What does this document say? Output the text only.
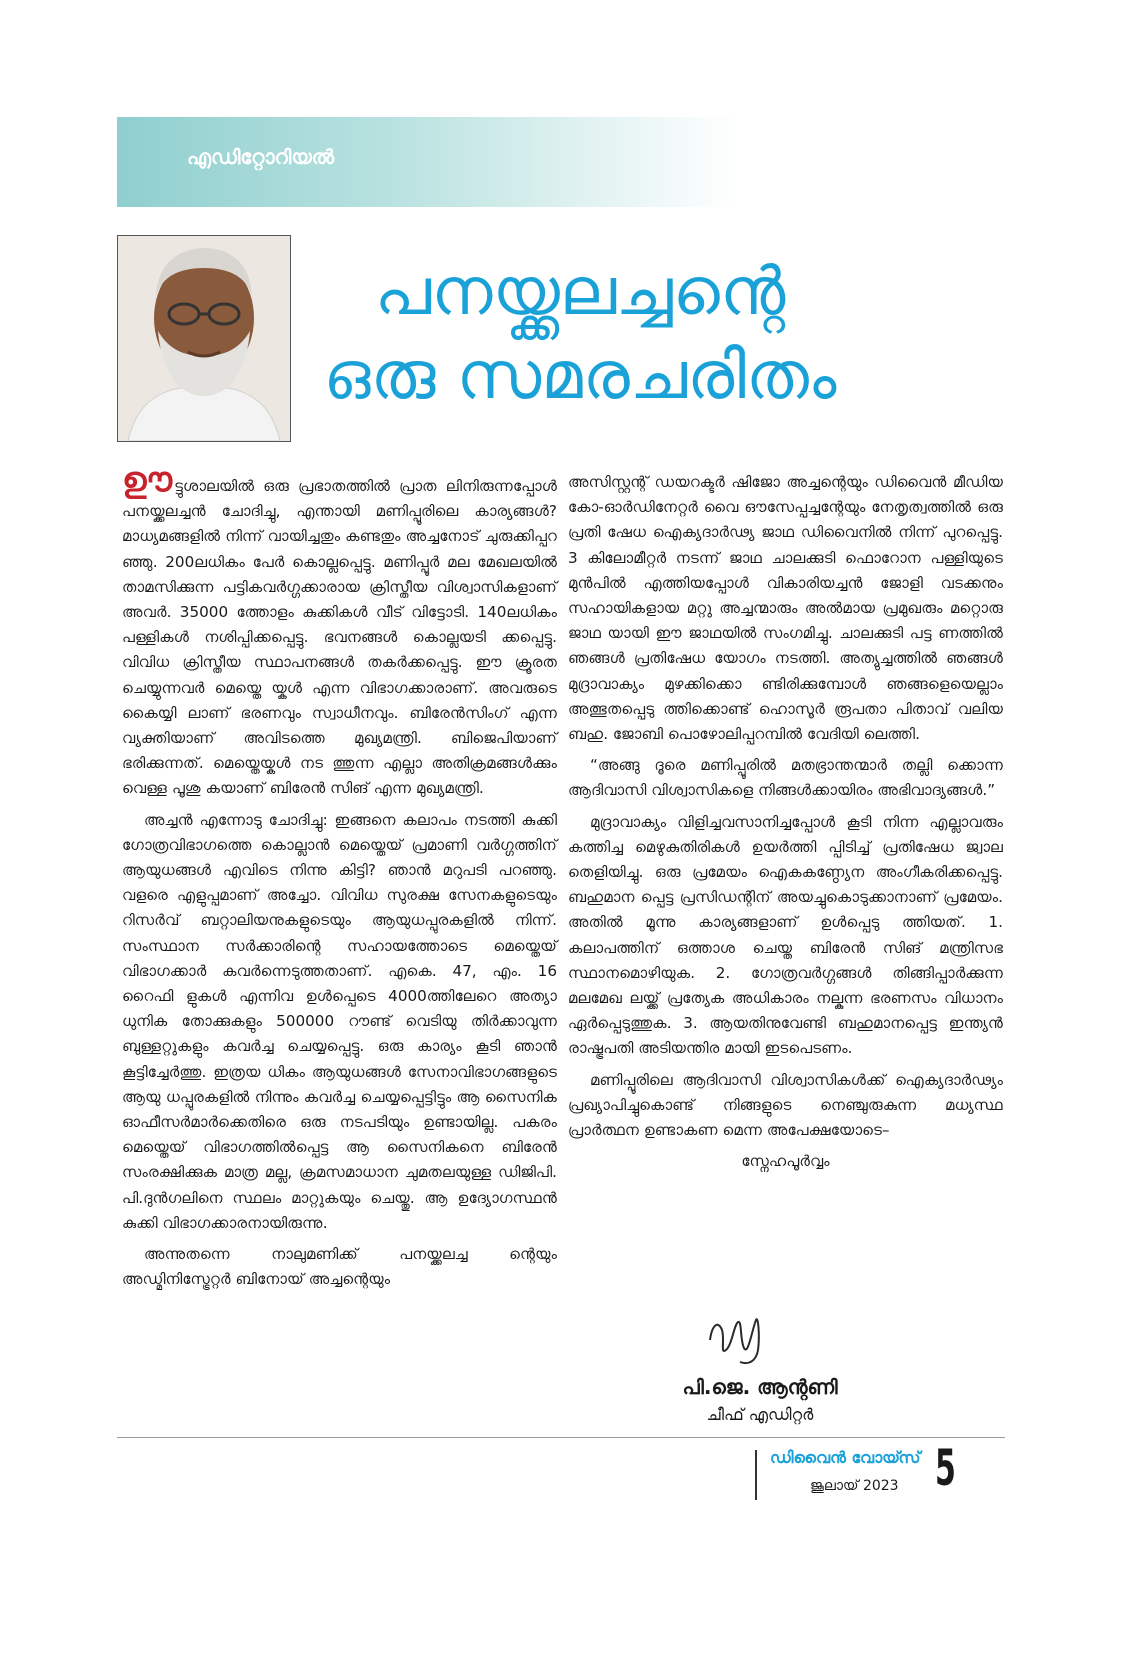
എഡിറ്റോറിയൽ
പനയ്ക്കലച്ചന്റെ
ഒരു സമരചരിതം

ഊട്ടുശാലയിൽ ഒരു പ്രഭാതത്തിൽ പ്രാത ലിനിരുന്നപ്പോൾ പനയ്ക്കലച്ചൻ ചോദിച്ചു, എന്തായി മണിപ്പൂരിലെ കാര്യങ്ങൾ? മാധ്യമങ്ങളിൽ നിന്ന് വായിച്ചതും കണ്ടതും അച്ചനോട് ചുരുക്കിപ്പറ ഞ്ഞു. 200ലധികം പേർ കൊല്ലപ്പെട്ടു. മണിപ്പൂർ മല മേഖലയിൽ താമസിക്കുന്ന പട്ടികവർഗ്ഗക്കാരായ ക്രിസ്തീയ വിശ്വാസികളാണ് അവർ. 35000 ത്തോളം കുക്കികൾ വീട് വിട്ടോടി. 140ലധികം പള്ളികൾ നശിപ്പിക്കപ്പെട്ടു. ഭവനങ്ങൾ കൊല്ലയടി ക്കപ്പെട്ടു. വിവിധ ക്രിസ്തീയ സ്ഥാപനങ്ങൾ തകർക്കപ്പെട്ടു. ഈ ക്രൂരത ചെയ്യുന്നവർ മെയ്തെ യ്കൾ എന്ന വിഭാഗക്കാരാണ്. അവരുടെ കൈയ്യി ലാണ് ഭരണവും സ്വാധീനവും. ബിരേൻസിംഗ് എന്ന വ്യക്തിയാണ് അവിടത്തെ മുഖ്യമന്ത്രി. ബിജെപിയാണ് ഭരിക്കുന്നത്. മെയ്തെയ്കൾ നട ത്തുന്ന എല്ലാ അതിക്രമങ്ങൾക്കും വെള്ള പൂശു കയാണ് ബിരേൻ സിങ് എന്ന മുഖ്യമന്ത്രി.

അച്ചൻ എന്നോടു ചോദിച്ചു: ഇങ്ങനെ കലാപം നടത്തി കുക്കി ഗോത്രവിഭാഗത്തെ കൊല്ലാൻ മെയ്തെയ് പ്രമാണി വർഗ്ഗത്തിന് ആയുധങ്ങൾ എവിടെ നിന്നു കിട്ടി? ഞാൻ മറുപടി പറഞ്ഞു. വളരെ എളുപ്പമാണ് അച്ചോ. വിവിധ സുരക്ഷ സേനകളുടെയും റിസർവ് ബറ്റാലിയനുകളുടെയും ആയുധപ്പുരകളിൽ നിന്ന്. സംസ്ഥാന സർക്കാരിന്റെ സഹായത്തോടെ മെയ്തെയ് വിഭാഗക്കാർ കവർന്നെടുത്തതാണ്. എകെ. 47, എം. 16 റൈഫി ളുകൾ എന്നിവ ഉൾപ്പെടെ 4000ത്തിലേറെ അത്യാ ധുനിക തോക്കുകളും 500000 റൗണ്ട് വെടിയു തിർക്കാവുന്ന ബുള്ളറ്റുകളും കവർച്ച ചെയ്യപ്പെട്ടു. ഒരു കാര്യം കൂടി ഞാൻ കൂട്ടിച്ചേർത്തു. ഇത്രയ ധികം ആയുധങ്ങൾ സേനാവിഭാഗങ്ങളുടെ ആയു ധപ്പുരകളിൽ നിന്നും കവർച്ച ചെയ്യപ്പെട്ടിട്ടും ആ സൈനിക ഓഫീസർമാർക്കെതിരെ ഒരു നടപടിയും ഉണ്ടായില്ല. പകരം മെയ്തെയ് വിഭാഗത്തിൽപ്പെട്ട ആ സൈനികനെ ബിരേൻ സംരക്ഷിക്കുക മാത്ര മല്ല, ക്രമസമാധാന ചുമതലയുള്ള ഡിജിപി. പി.ദുൻഗലിനെ സ്ഥലം മാറ്റുകയും ചെയ്തു. ആ ഉദ്യോഗസ്ഥൻ കുക്കി വിഭാഗക്കാരനായിരുന്നു.

അന്നുതന്നെ നാലുമണിക്ക് പനയ്ക്കലച്ച ന്റെയും അഡ്മിനിസ്ട്രേറ്റർ ബിനോയ് അച്ചന്റെയും

അസിസ്റ്റന്റ് ഡയറക്ടർ ഷിജോ അച്ചന്റെയും ഡിവൈൻ മീഡിയ കോ-ഓർഡിനേറ്റർ വൈ ഔസേപ്പച്ചന്റേയും നേതൃത്വത്തിൽ ഒരു പ്രതി ഷേധ ഐക്യദാർഢ്യ ജാഥ ഡിവൈനിൽ നിന്ന് പുറപ്പെട്ടു. 3 കിലോമീറ്റർ നടന്ന് ജാഥ ചാലക്കുടി ഫൊറോന പള്ളിയുടെ മുൻപിൽ എത്തിയപ്പോൾ വികാരിയച്ചൻ ജോളി വടക്കനും സഹായികളായ മറ്റു അച്ചന്മാരും അൽമായ പ്രമുഖരും മറ്റൊരു ജാഥ യായി ഈ ജാഥയിൽ സംഗമിച്ചു. ചാലക്കുടി പട്ട ണത്തിൽ ഞങ്ങൾ പ്രതിഷേധ യോഗം നടത്തി. അത്യുച്ചത്തിൽ ഞങ്ങൾ മുദ്രാവാക്യം മുഴക്കിക്കൊ ണ്ടിരിക്കുമ്പോൾ ഞങ്ങളെയെല്ലാം അത്ഭുതപ്പെടു ത്തിക്കൊണ്ട് ഹൊസൂർ രൂപതാ പിതാവ് വലിയ ബഹു. ജോബി പൊഴോലിപ്പറമ്പിൽ വേദിയി ലെത്തി.

“അങ്ങു ദൂരെ മണിപ്പൂരിൽ മതഭ്രാന്തന്മാർ തല്ലി ക്കൊന്ന ആദിവാസി വിശ്വാസികളെ നിങ്ങൾക്കായിരം അഭിവാദ്യങ്ങൾ.”

മുദ്രാവാക്യം വിളിച്ചവസാനിച്ചപ്പോൾ കൂടി നിന്ന എല്ലാവരും കത്തിച്ച മെഴുകുതിരികൾ ഉയർത്തി പ്പിടിച്ച് പ്രതിഷേധ ജ്വാല തെളിയിച്ചു. ഒരു പ്രമേയം ഐകകണ്ഠ്യേന അംഗീകരിക്കപ്പെട്ടു. ബഹുമാന പ്പെട്ട പ്രസിഡന്റിന് അയച്ചുകൊടുക്കാനാണ് പ്രമേയം. അതിൽ മൂന്നു കാര്യങ്ങളാണ് ഉൾപ്പെടു ത്തിയത്. 1. കലാപത്തിന് ഒത്താശ ചെയ്ത ബിരേൻ സിങ് മന്ത്രിസഭ സ്ഥാനമൊഴിയുക. 2. ഗോത്രവർഗ്ഗങ്ങൾ തിങ്ങിപ്പാർക്കുന്ന മലമേഖ ലയ്ക്ക് പ്രത്യേക അധികാരം നല്കുന്ന ഭരണസം വിധാനം ഏർപ്പെടുത്തുക. 3. ആയതിനുവേണ്ടി ബഹുമാനപ്പെട്ട ഇന്ത്യൻ രാഷ്ട്രപതി അടിയന്തിര മായി ഇടപെടണം.

മണിപ്പൂരിലെ ആദിവാസി വിശ്വാസികൾക്ക് ഐക്യദാർഢ്യം പ്രഖ്യാപിച്ചുകൊണ്ട് നിങ്ങളുടെ നെഞ്ചുരുകുന്ന മധ്യസ്ഥ പ്രാർത്ഥന ഉണ്ടാകണ മെന്ന അപേക്ഷയോടെ–

സ്നേഹപൂർവ്വം
പി.ജെ. ആന്റണി
ചീഫ് എഡിറ്റർ
ഡിവൈൻ വോയ്സ്
ജൂലായ് 2023 5
